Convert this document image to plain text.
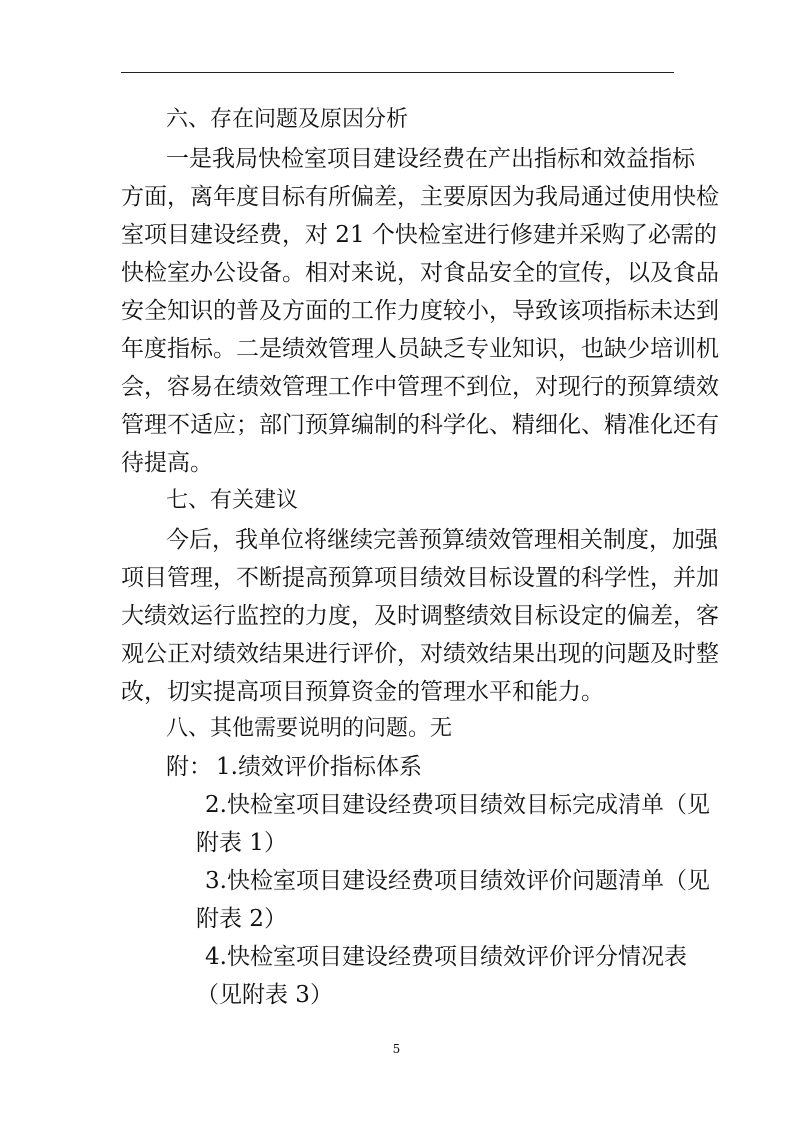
六、存在问题及原因分析
一是我局快检室项目建设经费在产出指标和效益指标
方面，离年度目标有所偏差，主要原因为我局通过使用快检
室项目建设经费，对 21 个快检室进行修建并采购了必需的
快检室办公设备。相对来说，对食品安全的宣传，以及食品
安全知识的普及方面的工作力度较小，导致该项指标未达到
年度指标。二是绩效管理人员缺乏专业知识，也缺少培训机
会，容易在绩效管理工作中管理不到位，对现行的预算绩效
管理不适应；部门预算编制的科学化、精细化、精准化还有
待提高。
七、有关建议
今后，我单位将继续完善预算绩效管理相关制度，加强
项目管理，不断提高预算项目绩效目标设置的科学性，并加
大绩效运行监控的力度，及时调整绩效目标设定的偏差，客
观公正对绩效结果进行评价，对绩效结果出现的问题及时整
改，切实提高项目预算资金的管理水平和能力。
八、其他需要说明的问题。无
附： 1.绩效评价指标体系
2.快检室项目建设经费项目绩效目标完成清单（见
附表 1）
3.快检室项目建设经费项目绩效评价问题清单（见
附表 2）
4.快检室项目建设经费项目绩效评价评分情况表
（见附表 3）
5
